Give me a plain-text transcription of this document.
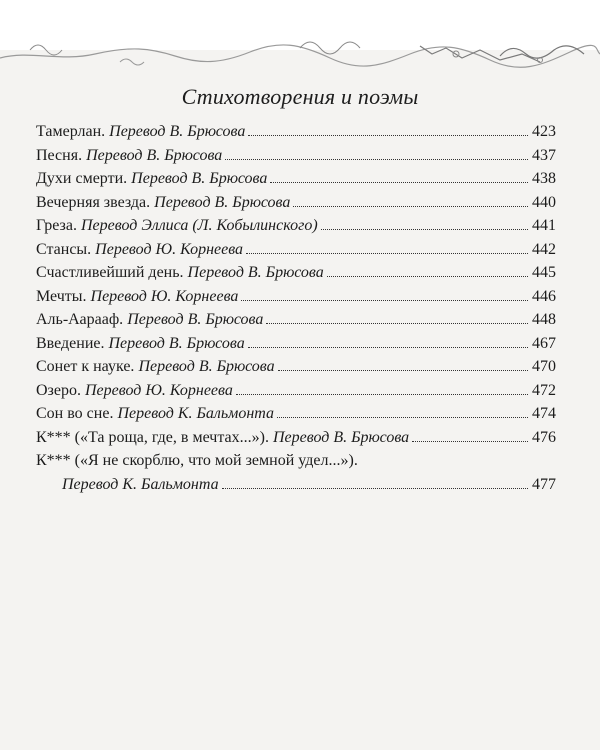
Стихотворения и поэмы
Тамерлан. Перевод В. Брюсова	423
Песня. Перевод В. Брюсова	437
Духи смерти. Перевод В. Брюсова	438
Вечерняя звезда. Перевод В. Брюсова	440
Греза. Перевод Эллиса (Л. Кобылинского)	441
Стансы. Перевод Ю. Корнеева	442
Счастливейший день. Перевод В. Брюсова	445
Мечты. Перевод Ю. Корнеева	446
Аль-Аарааф. Перевод В. Брюсова	448
Введение. Перевод В. Брюсова	467
Сонет к науке. Перевод В. Брюсова	470
Озеро. Перевод Ю. Корнеева	472
Сон во сне. Перевод К. Бальмонта	474
К*** («Та роща, где, в мечтах...»). Перевод В. Брюсова	476
К*** («Я не скорблю, что мой земной удел...»).
Перевод К. Бальмонта	477
